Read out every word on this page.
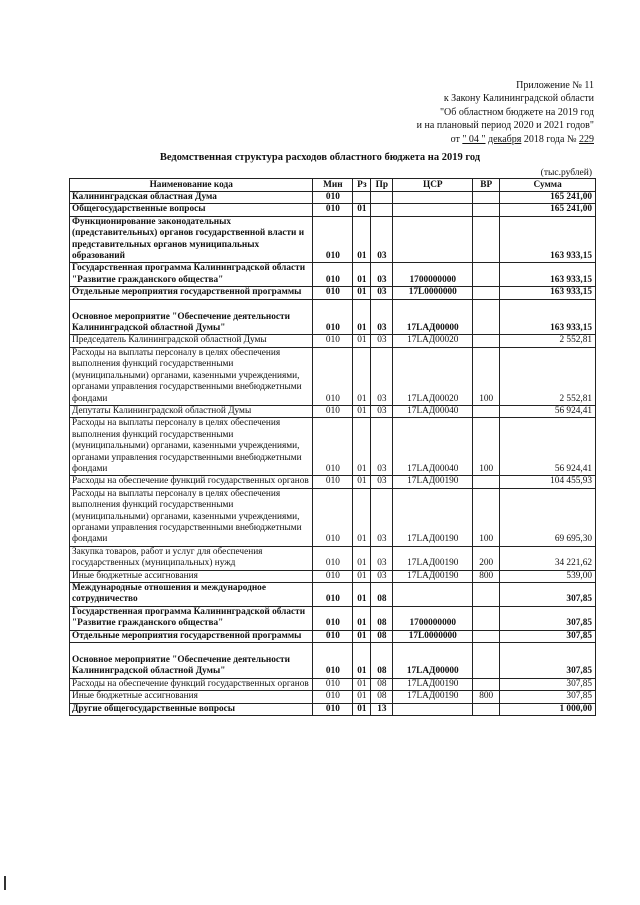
Приложение № 11
к Закону Калининградской области
"Об областном бюджете на 2019 год
и на плановый период 2020 и 2021 годов"
от " 04 " декабря 2018 года № 229
Ведомственная структура расходов областного бюджета на 2019 год
(тыс.рублей)
Наименование кода	Мин	Рз	Пр	ЦСР	ВР	Сумма
Калининградская областная Дума	010					165 241,00
Общегосударственные вопросы	010	01				165 241,00
Функционирование законодательных (представительных) органов государственной власти и представительных органов муниципальных образований	010	01	03			163 933,15
Государственная программа Калининградской области "Развитие гражданского общества"	010	01	03	1700000000		163 933,15
Отдельные мероприятия государственной программы	010	01	03	17L0000000		163 933,15
Основное мероприятие "Обеспечение деятельности Калининградской областной Думы"	010	01	03	17LAД00000		163 933,15
Председатель Калининградской областной Думы	010	01	03	17LAД00020		2 552,81
Расходы на выплаты персоналу в целях обеспечения выполнения функций государственными (муниципальными) органами, казенными учреждениями, органами управления государственными внебюджетными фондами	010	01	03	17LAД00020	100	2 552,81
Депутаты Калининградской областной Думы	010	01	03	17LAД00040		56 924,41
Расходы на выплаты персоналу в целях обеспечения выполнения функций государственными (муниципальными) органами, казенными учреждениями, органами управления государственными внебюджетными фондами	010	01	03	17LAД00040	100	56 924,41
Расходы на обеспечение функций государственных органов	010	01	03	17LAД00190		104 455,93
Расходы на выплаты персоналу в целях обеспечения выполнения функций государственными (муниципальными) органами, казенными учреждениями, органами управления государственными внебюджетными фондами	010	01	03	17LAД00190	100	69 695,30
Закупка товаров, работ и услуг для обеспечения государственных (муниципальных) нужд	010	01	03	17LAД00190	200	34 221,62
Иные бюджетные ассигнования	010	01	03	17LAД00190	800	539,00
Международные отношения и международное сотрудничество	010	01	08			307,85
Государственная программа Калининградской области "Развитие гражданского общества"	010	01	08	1700000000		307,85
Отдельные мероприятия государственной программы	010	01	08	17L0000000		307,85
Основное мероприятие "Обеспечение деятельности Калининградской областной Думы"	010	01	08	17LAД00000		307,85
Расходы на обеспечение функций государственных органов	010	01	08	17LAД00190		307,85
Иные бюджетные ассигнования	010	01	08	17LAД00190	800	307,85
Другие общегосударственные вопросы	010	01	13			1 000,00
